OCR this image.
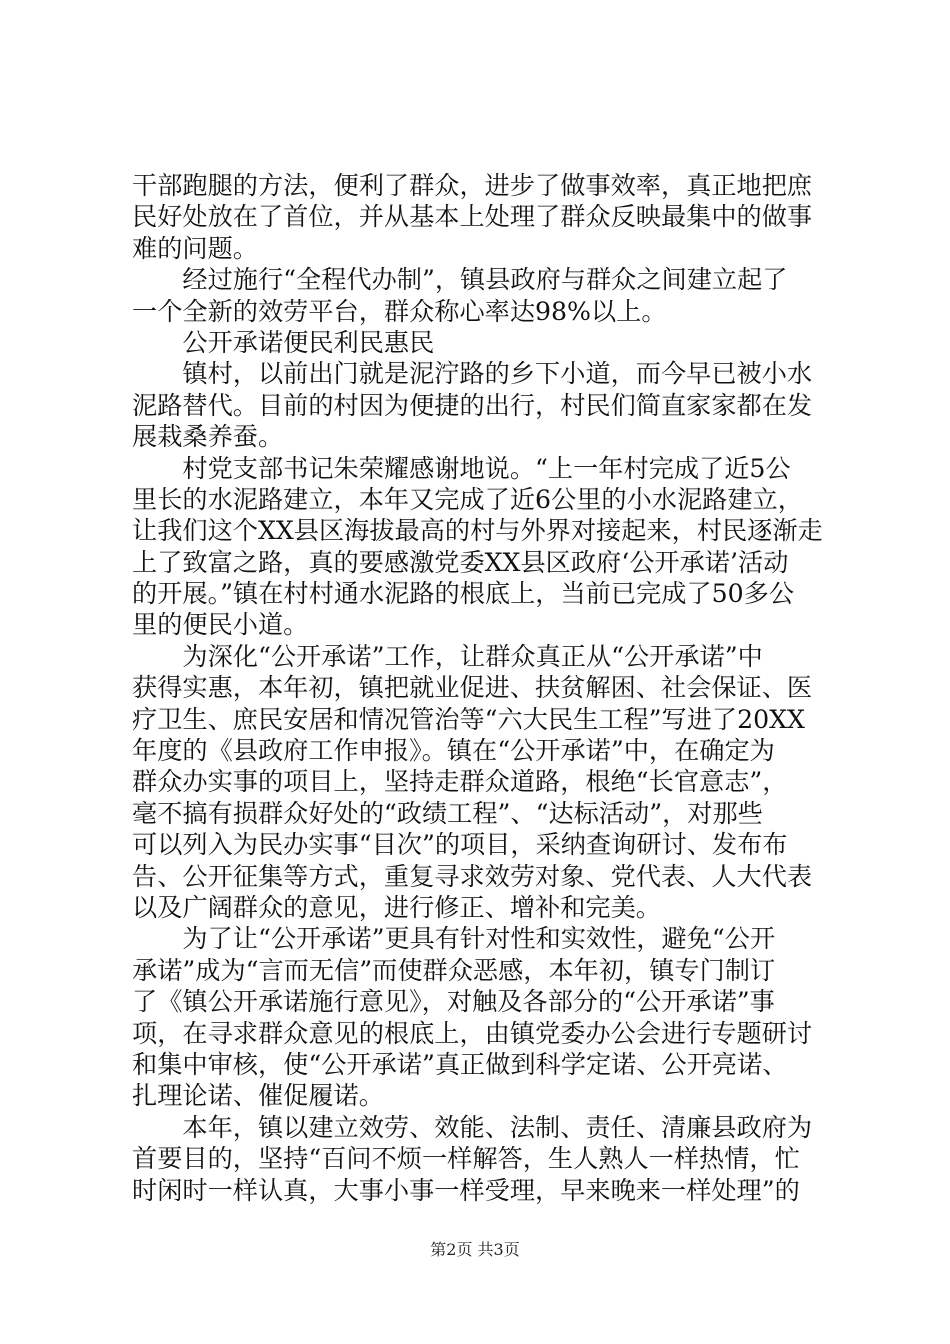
干部跑腿的方法，便利了群众，进步了做事效率，真正地把庶
民好处放在了首位，并从基本上处理了群众反映最集中的做事
难的问题。
　　经过施行“全程代办制”，镇县政府与群众之间建立起了
一个全新的效劳平台，群众称心率达98%以上。
　　公开承诺便民利民惠民
　　镇村，以前出门就是泥泞路的乡下小道，而今早已被小水
泥路替代。目前的村因为便捷的出行，村民们简直家家都在发
展栽桑养蚕。
　　村党支部书记朱荣耀感谢地说。“上一年村完成了近5公
里长的水泥路建立，本年又完成了近6公里的小水泥路建立，
让我们这个XX县区海拔最高的村与外界对接起来，村民逐渐走
上了致富之路，真的要感激党委XX县区政府‘公开承诺’活动
的开展。”镇在村村通水泥路的根底上，当前已完成了50多公
里的便民小道。
　　为深化“公开承诺”工作，让群众真正从“公开承诺”中
获得实惠，本年初，镇把就业促进、扶贫解困、社会保证、医
疗卫生、庶民安居和情况管治等“六大民生工程”写进了20XX
年度的《县政府工作申报》。镇在“公开承诺”中，在确定为
群众办实事的项目上，坚持走群众道路，根绝“长官意志”，
毫不搞有损群众好处的“政绩工程”、“达标活动”，对那些
可以列入为民办实事“目次”的项目，采纳查询研讨、发布布
告、公开征集等方式，重复寻求效劳对象、党代表、人大代表
以及广阔群众的意见，进行修正、增补和完美。
　　为了让“公开承诺”更具有针对性和实效性，避免“公开
承诺”成为“言而无信”而使群众恶感，本年初，镇专门制订
了《镇公开承诺施行意见》，对触及各部分的“公开承诺”事
项，在寻求群众意见的根底上，由镇党委办公会进行专题研讨
和集中审核，使“公开承诺”真正做到科学定诺、公开亮诺、
扎理论诺、催促履诺。
　　本年，镇以建立效劳、效能、法制、责任、清廉县政府为
首要目的，坚持“百问不烦一样解答，生人熟人一样热情，忙
时闲时一样认真，大事小事一样受理，早来晚来一样处理”的
第2页 共3页
